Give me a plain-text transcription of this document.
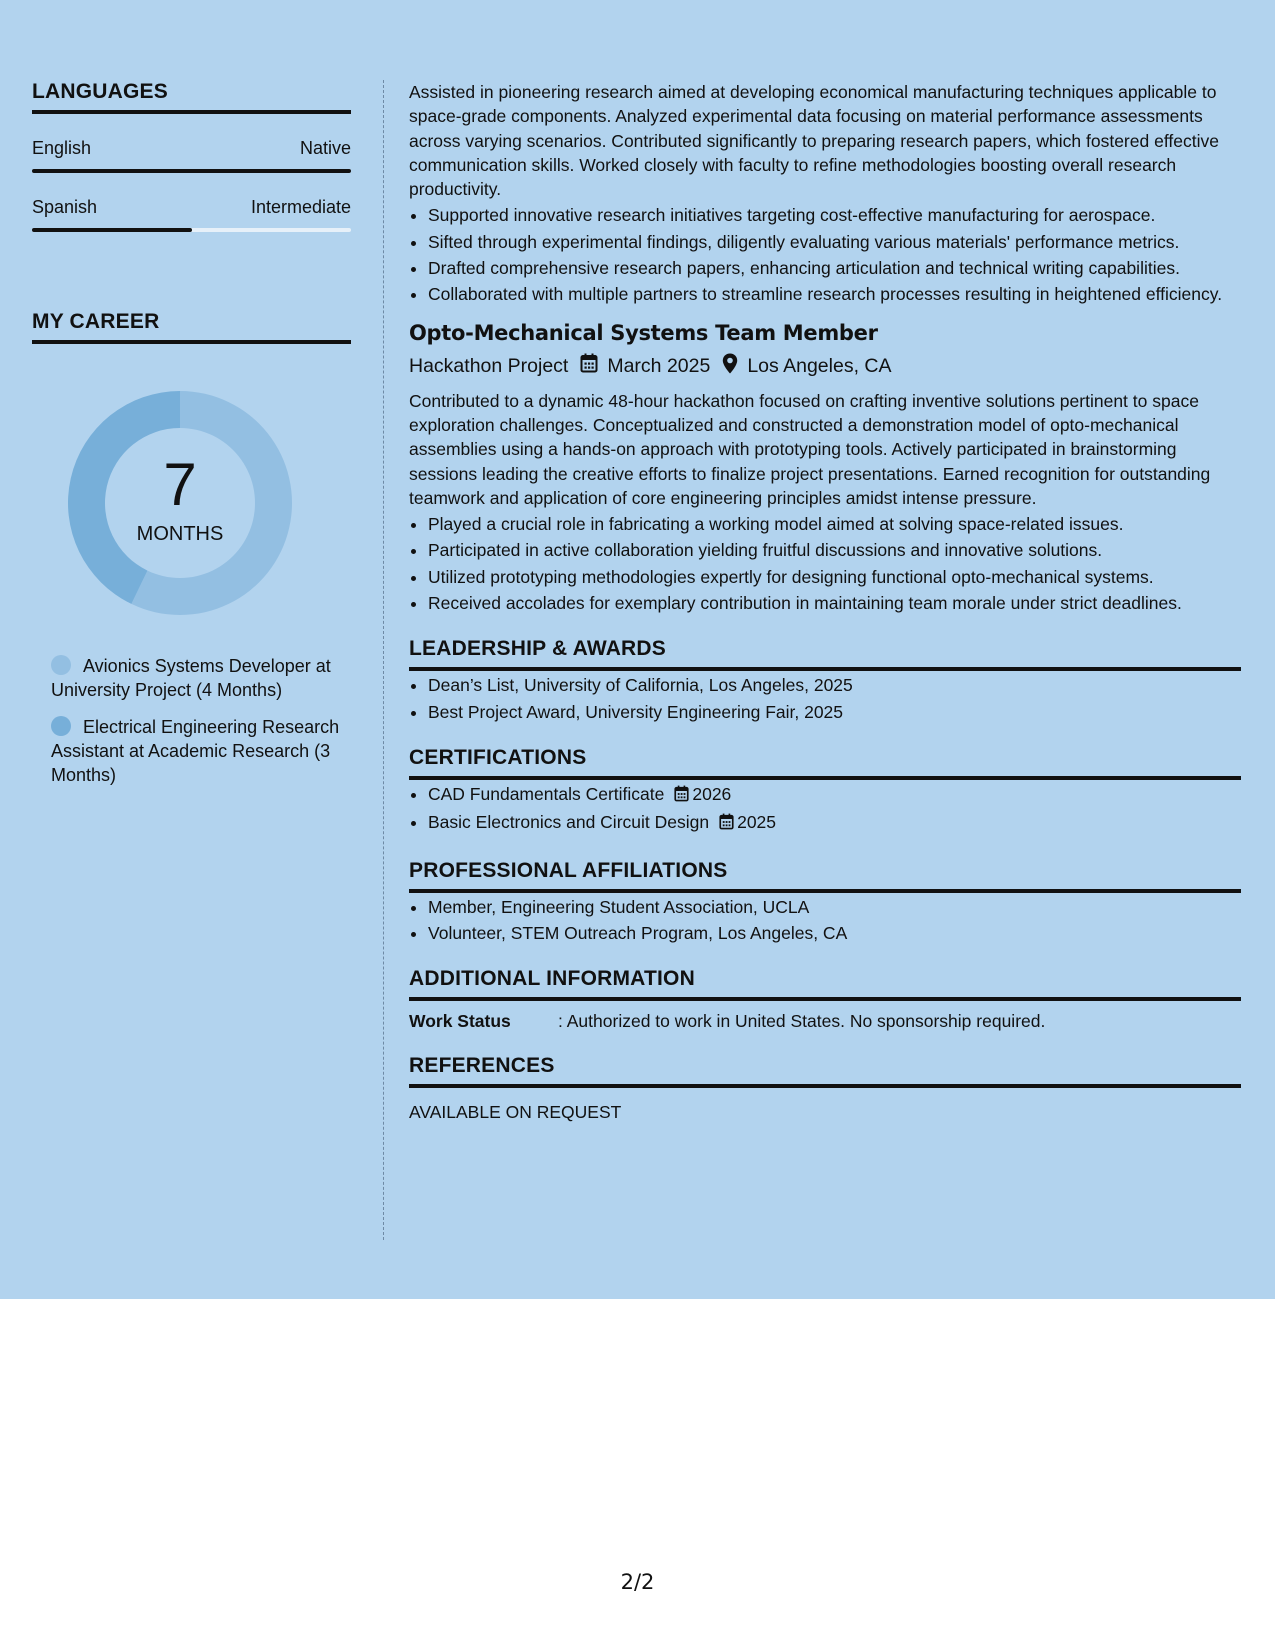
LANGUAGES
English	Native
Spanish	Intermediate
MY CAREER
7
MONTHS
Avionics Systems Developer at University Project (4 Months)
Electrical Engineering Research Assistant at Academic Research (3 Months)

Assisted in pioneering research aimed at developing economical manufacturing techniques applicable to space-grade components. Analyzed experimental data focusing on material performance assessments across varying scenarios. Contributed significantly to preparing research papers, which fostered effective communication skills. Worked closely with faculty to refine methodologies boosting overall research productivity.

• Supported innovative research initiatives targeting cost-effective manufacturing for aerospace.
• Sifted through experimental findings, diligently evaluating various materials' performance metrics.
• Drafted comprehensive research papers, enhancing articulation and technical writing capabilities.
• Collaborated with multiple partners to streamline research processes resulting in heightened efficiency.
Opto-Mechanical Systems Team Member
Hackathon Project March 2025 Los Angeles, CA

Contributed to a dynamic 48-hour hackathon focused on crafting inventive solutions pertinent to space exploration challenges. Conceptualized and constructed a demonstration model of opto-mechanical assemblies using a hands-on approach with prototyping tools. Actively participated in brainstorming sessions leading the creative efforts to finalize project presentations. Earned recognition for outstanding teamwork and application of core engineering principles amidst intense pressure.

• Played a crucial role in fabricating a working model aimed at solving space-related issues.
• Participated in active collaboration yielding fruitful discussions and innovative solutions.
• Utilized prototyping methodologies expertly for designing functional opto-mechanical systems.
• Received accolades for exemplary contribution in maintaining team morale under strict deadlines.
LEADERSHIP & AWARDS
• Dean’s List, University of California, Los Angeles, 2025
• Best Project Award, University Engineering Fair, 2025
CERTIFICATIONS
• CAD Fundamentals Certificate 2026
• Basic Electronics and Circuit Design 2025
PROFESSIONAL AFFILIATIONS
• Member, Engineering Student Association, UCLA
• Volunteer, STEM Outreach Program, Los Angeles, CA
ADDITIONAL INFORMATION
Work Status	: Authorized to work in United States. No sponsorship required.
REFERENCES
AVAILABLE ON REQUEST
2/2
